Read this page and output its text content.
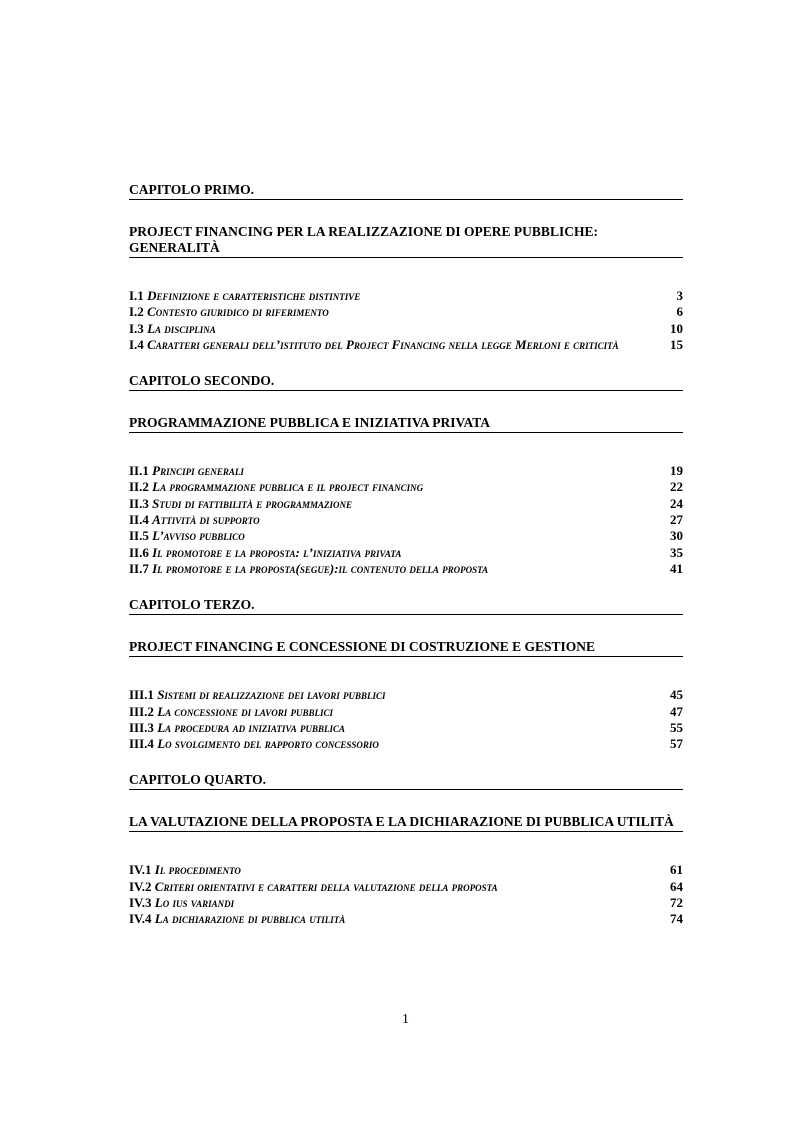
CAPITOLO PRIMO.
PROJECT FINANCING PER LA REALIZZAZIONE DI OPERE PUBBLICHE: GENERALITÀ
I.1 Definizione e caratteristiche distintive	3
I.2 Contesto giuridico di riferimento	6
I.3 La disciplina	10
I.4 Caratteri generali dell’istituto del Project Financing nella legge Merloni e criticità	15
CAPITOLO SECONDO.
PROGRAMMAZIONE PUBBLICA E INIZIATIVA PRIVATA
II.1 Principi generali	19
II.2 La programmazione pubblica e il project financing	22
II.3 Studi di fattibilità e programmazione	24
II.4 Attività di supporto	27
II.5 L’avviso pubblico	30
II.6 Il promotore e la proposta: l’iniziativa privata	35
II.7 Il promotore e la proposta(segue):il contenuto della proposta	41
CAPITOLO TERZO.
PROJECT FINANCING E CONCESSIONE DI COSTRUZIONE E GESTIONE
III.1 Sistemi di realizzazione dei lavori pubblici	45
III.2 La concessione di lavori pubblici	47
III.3 La procedura ad iniziativa pubblica	55
III.4 Lo svolgimento del rapporto concessorio	57
CAPITOLO QUARTO.
LA VALUTAZIONE DELLA PROPOSTA E LA DICHIARAZIONE DI PUBBLICA UTILITÀ
IV.1 Il procedimento	61
IV.2 Criteri orientativi e caratteri della valutazione della proposta	64
IV.3 Lo ius variandi	72
IV.4 La dichiarazione di pubblica utilità	74
1
